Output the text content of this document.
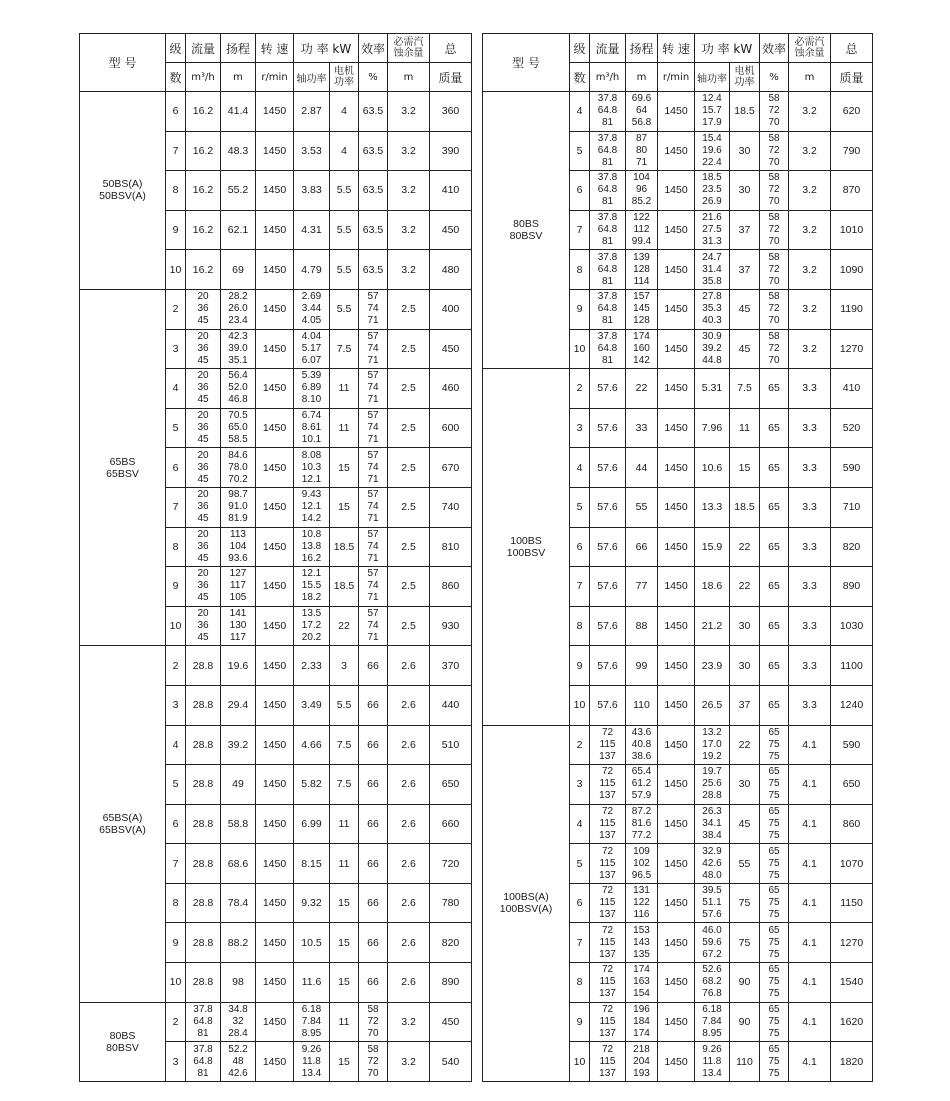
型 号	级	流量	扬程	转 速	功 率 kW		效率	必需汽
蚀余量	总
	数	m³/h	m	r/min	轴功率	电机
功率	%	m	质量

50BS(A)
50BSV(A)	6	16.2	41.4	1450	2.87	4	63.5	3.2	360
	7	16.2	48.3	1450	3.53	4	63.5	3.2	390
	8	16.2	55.2	1450	3.83	5.5	63.5	3.2	410
	9	16.2	62.1	1450	4.31	5.5	63.5	3.2	450
	10	16.2	69	1450	4.79	5.5	63.5	3.2	480

65BS
65BSV	2	20
36
45	28.2
26.0
23.4	1450	2.69
3.44
4.05	5.5	57
74
71	2.5	400
	3	20
36
45	42.3
39.0
35.1	1450	4.04
5.17
6.07	7.5	57
74
71	2.5	450
	4	20
36
45	56.4
52.0
46.8	1450	5.39
6.89
8.10	11	57
74
71	2.5	460
	5	20
36
45	70.5
65.0
58.5	1450	6.74
8.61
10.1	11	57
74
71	2.5	600
	6	20
36
45	84.6
78.0
70.2	1450	8.08
10.3
12.1	15	57
74
71	2.5	670
	7	20
36
45	98.7
91.0
81.9	1450	9.43
12.1
14.2	15	57
74
71	2.5	740
	8	20
36
45	113
104
93.6	1450	10.8
13.8
16.2	18.5	57
74
71	2.5	810
	9	20
36
45	127
117
105	1450	12.1
15.5
18.2	18.5	57
74
71	2.5	860
	10	20
36
45	141
130
117	1450	13.5
17.2
20.2	22	57
74
71	2.5	930

65BS(A)
65BSV(A)	2	28.8	19.6	1450	2.33	3	66	2.6	370
	3	28.8	29.4	1450	3.49	5.5	66	2.6	440
	4	28.8	39.2	1450	4.66	7.5	66	2.6	510
	5	28.8	49	1450	5.82	7.5	66	2.6	650
	6	28.8	58.8	1450	6.99	11	66	2.6	660
	7	28.8	68.6	1450	8.15	11	66	2.6	720
	8	28.8	78.4	1450	9.32	15	66	2.6	780
	9	28.8	88.2	1450	10.5	15	66	2.6	820
	10	28.8	98	1450	11.6	15	66	2.6	890

80BS
80BSV	2	37.8
64.8
81	34.8
32
28.4	1450	6.18
7.84
8.95	11	58
72
70	3.2	450
	3	37.8
64.8
81	52.2
48
42.6	1450	9.26
11.8
13.4	15	58
72
70	3.2	540
型 号	级	流量	扬程	转 速	功 率 kW		效率	必需汽
蚀余量	总
	数	m³/h	m	r/min	轴功率	电机
功率	%	m	质量

80BS
80BSV	4	37.8
64.8
81	69.6
64
56.8	1450	12.4
15.7
17.9	18.5	58
72
70	3.2	620
	5	37.8
64.8
81	87
80
71	1450	15.4
19.6
22.4	30	58
72
70	3.2	790
	6	37.8
64.8
81	104
96
85.2	1450	18.5
23.5
26.9	30	58
72
70	3.2	870
	7	37.8
64.8
81	122
112
99.4	1450	21.6
27.5
31.3	37	58
72
70	3.2	1010
	8	37.8
64.8
81	139
128
114	1450	24.7
31.4
35.8	37	58
72
70	3.2	1090
	9	37.8
64.8
81	157
145
128	1450	27.8
35.3
40.3	45	58
72
70	3.2	1190
	10	37.8
64.8
81	174
160
142	1450	30.9
39.2
44.8	45	58
72
70	3.2	1270

100BS
100BSV	2	57.6	22	1450	5.31	7.5	65	3.3	410
	3	57.6	33	1450	7.96	11	65	3.3	520
	4	57.6	44	1450	10.6	15	65	3.3	590
	5	57.6	55	1450	13.3	18.5	65	3.3	710
	6	57.6	66	1450	15.9	22	65	3.3	820
	7	57.6	77	1450	18.6	22	65	3.3	890
	8	57.6	88	1450	21.2	30	65	3.3	1030
	9	57.6	99	1450	23.9	30	65	3.3	1100
	10	57.6	110	1450	26.5	37	65	3.3	1240

100BS(A)
100BSV(A)	2	72
115
137	43.6
40.8
38.6	1450	13.2
17.0
19.2	22	65
75
75	4.1	590
	3	72
115
137	65.4
61.2
57.9	1450	19.7
25.6
28.8	30	65
75
75	4.1	650
	4	72
115
137	87.2
81.6
77.2	1450	26.3
34.1
38.4	45	65
75
75	4.1	860
	5	72
115
137	109
102
96.5	1450	32.9
42.6
48.0	55	65
75
75	4.1	1070
	6	72
115
137	131
122
116	1450	39.5
51.1
57.6	75	65
75
75	4.1	1150
	7	72
115
137	153
143
135	1450	46.0
59.6
67.2	75	65
75
75	4.1	1270
	8	72
115
137	174
163
154	1450	52.6
68.2
76.8	90	65
75
75	4.1	1540
	9	72
115
137	196
184
174	1450	6.18
7.84
8.95	90	65
75
75	4.1	1620
	10	72
115
137	218
204
193	1450	9.26
11.8
13.4	110	65
75
75	4.1	1820
